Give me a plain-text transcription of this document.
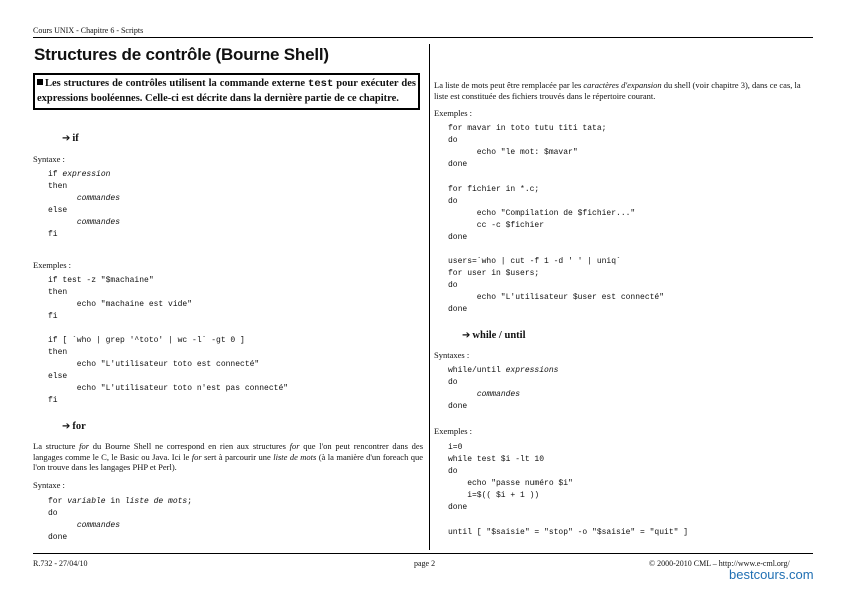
Cours UNIX - Chapitre 6 - Scripts
Structures de contrôle (Bourne Shell)
Les structures de contrôles utilisent la commande externe test pour exécuter des expressions booléennes. Celle-ci est décrite dans la dernière partie de ce chapitre.
➔ if
Syntaxe :
if expression
then
commandes
else
commandes
fi
Exemples :
if test -z "$machaine"
then
echo "machaine est vide"
fi
if [ `who | grep '^toto' | wc -l` -gt 0 ]
then
echo "L'utilisateur toto est connecté"
else
echo "L'utilisateur toto n'est pas connecté"
fi
➔ for
La structure for du Bourne Shell ne correspond en rien aux structures for que l'on peut rencontrer dans des langages comme le C, le Basic ou Java. Ici le for sert à parcourir une liste de mots (à la manière d'un foreach que l'on trouve dans les langages PHP et Perl).
Syntaxe :
for variable in liste de mots;
do
commandes
done
La liste de mots peut être remplacée par les caractères d'expansion du shell (voir chapitre 3), dans ce cas, la liste est constituée des fichiers trouvés dans le répertoire courant.
Exemples :
for mavar in toto tutu titi tata;
do
echo "le mot: $mavar"
done
for fichier in *.c;
do
echo "Compilation de $fichier..."
cc -c $fichier
done
users=`who | cut -f 1 -d ' ' | uniq`
for user in $users;
do
echo "L'utilisateur $user est connecté"
done
➔ while / until
Syntaxes :
while/until expressions
do
commandes
done
Exemples :
i=0
while test $i -lt 10
do
echo "passe numéro $i"
i=$(( $i + 1 ))
done
until [ "$saisie" = "stop" -o "$saisie" = "quit" ]
R.732 - 27/04/10	page 2	© 2000-2010 CML – http://www.e-cml.org/
bestcours.com
